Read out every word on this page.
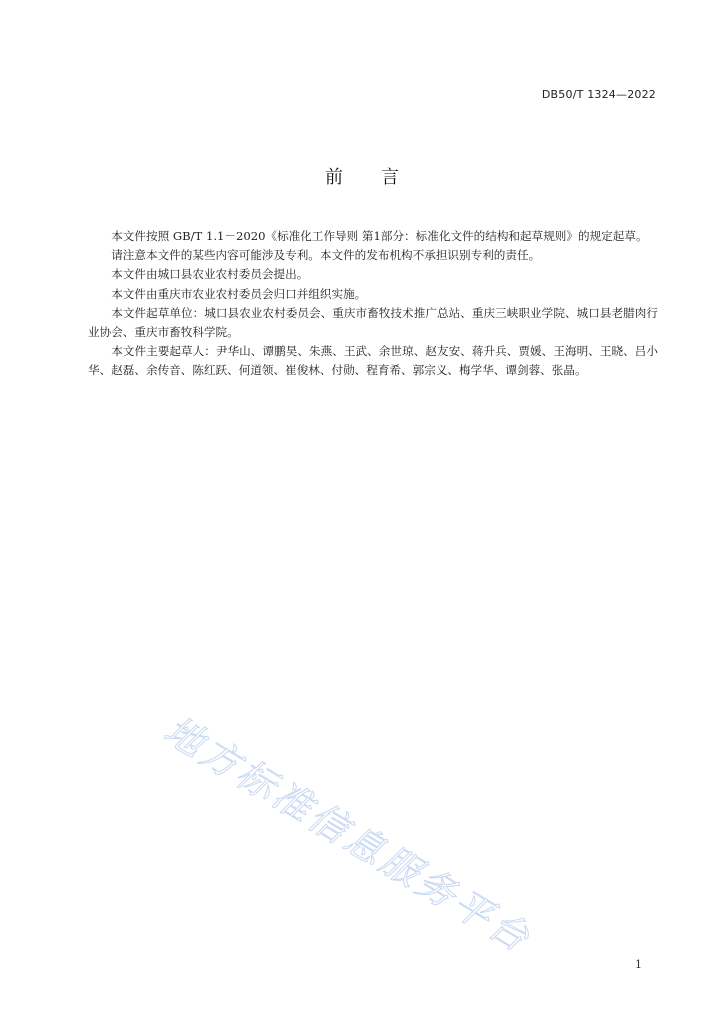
DB50/T 1324—2022
前言

本文件按照 GB/T 1.1－2020《标准化工作导则 第1部分：标准化文件的结构和起草规则》的规定起草。

请注意本文件的某些内容可能涉及专利。本文件的发布机构不承担识别专利的责任。

本文件由城口县农业农村委员会提出。

本文件由重庆市农业农村委员会归口并组织实施。

本文件起草单位：城口县农业农村委员会、重庆市畜牧技术推广总站、重庆三峡职业学院、城口县老腊肉行业协会、重庆市畜牧科学院。

本文件主要起草人：尹华山、谭鹏昊、朱燕、王武、余世琼、赵友安、蒋升兵、贾媛、王海明、王晓、吕小华、赵磊、余传音、陈红跃、何道领、崔俊林、付勋、程育希、郭宗义、梅学华、谭剑蓉、张晶。

地方标准信息服务平台
1
